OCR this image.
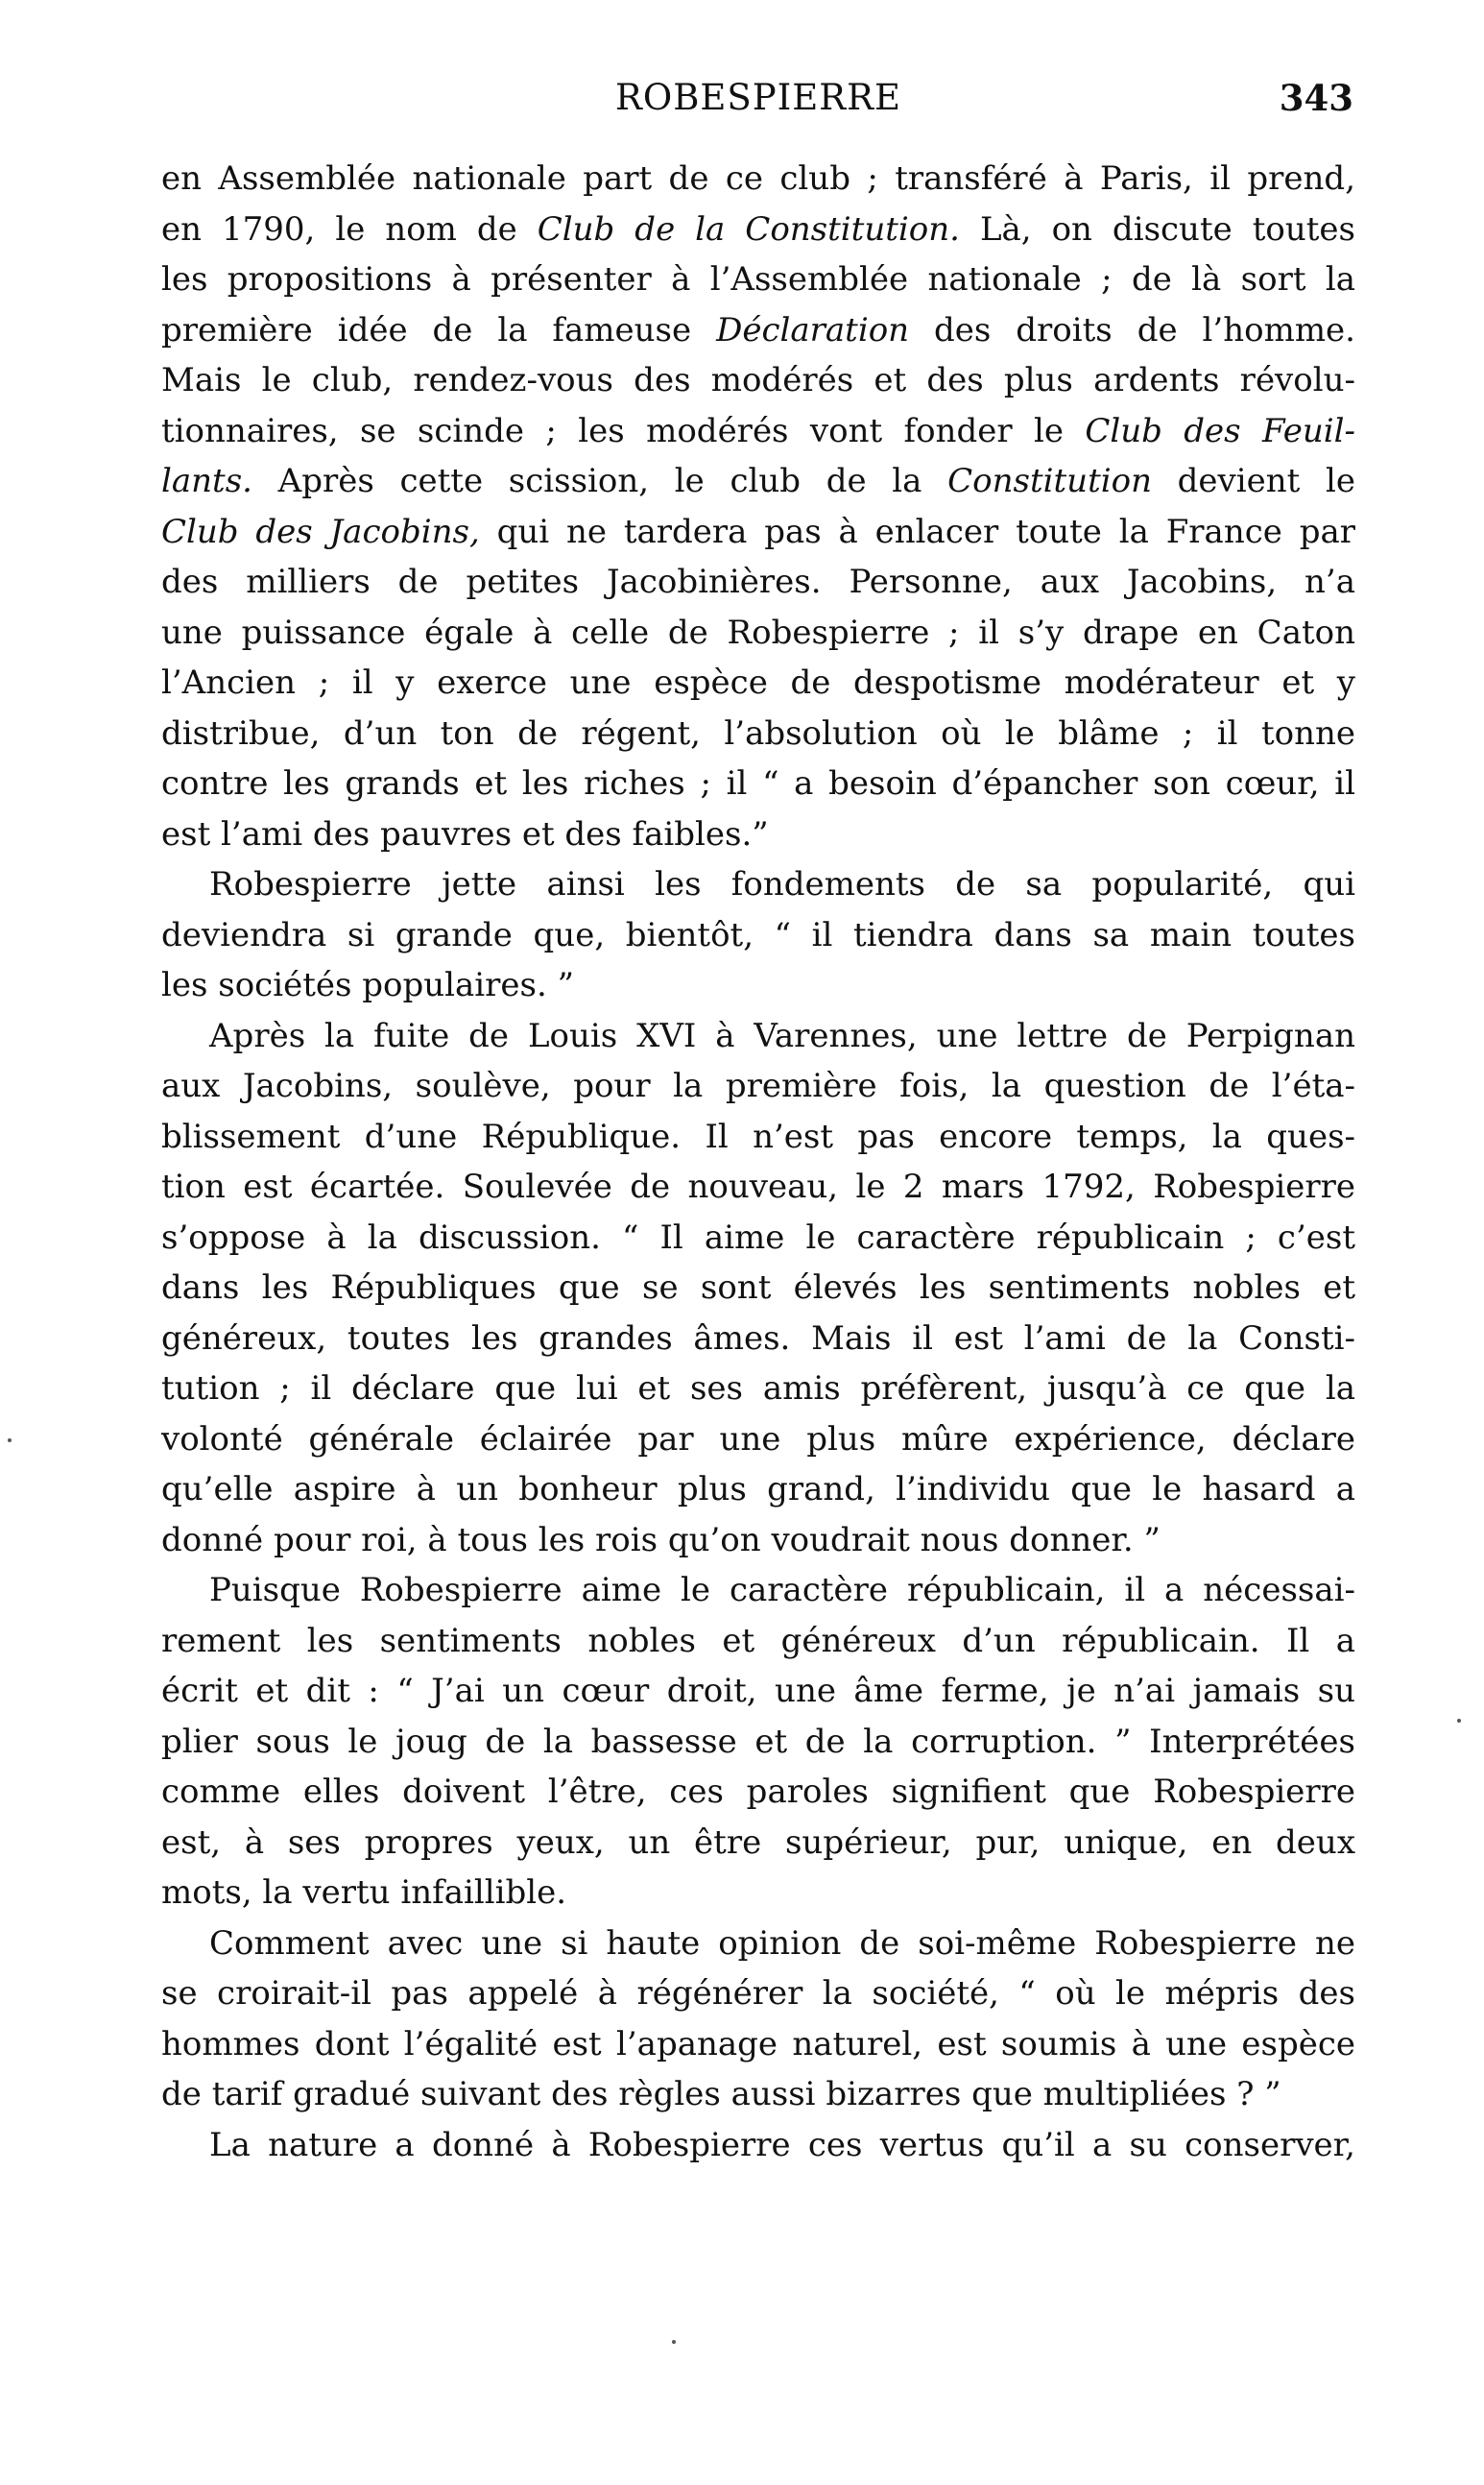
ROBESPIERRE	343

en Assemblée nationale part de ce club ; transféré à Paris, il prend,
en 1790, le nom de Club de la Constitution. Là, on discute toutes
les propositions à présenter à l’Assemblée nationale ; de là sort la
première idée de la fameuse Déclaration des droits de l’homme.
Mais le club, rendez-vous des modérés et des plus ardents révolu-
tionnaires, se scinde ; les modérés vont fonder le Club des Feuil-
lants. Après cette scission, le club de la Constitution devient le
Club des Jacobins, qui ne tardera pas à enlacer toute la France par
des milliers de petites Jacobinières. Personne, aux Jacobins, n’a
une puissance égale à celle de Robespierre ; il s’y drape en Caton
l’Ancien ; il y exerce une espèce de despotisme modérateur et y
distribue, d’un ton de régent, l’absolution où le blâme ; il tonne
contre les grands et les riches ; il “ a besoin d’épancher son cœur, il
est l’ami des pauvres et des faibles.”

Robespierre jette ainsi les fondements de sa popularité, qui
deviendra si grande que, bientôt, “ il tiendra dans sa main toutes
les sociétés populaires. ”

Après la fuite de Louis XVI à Varennes, une lettre de Perpignan
aux Jacobins, soulève, pour la première fois, la question de l’éta-
blissement d’une République. Il n’est pas encore temps, la ques-
tion est écartée. Soulevée de nouveau, le 2 mars 1792, Robespierre
s’oppose à la discussion. “ Il aime le caractère républicain ; c’est
dans les Républiques que se sont élevés les sentiments nobles et
généreux, toutes les grandes âmes. Mais il est l’ami de la Consti-
tution ; il déclare que lui et ses amis préfèrent, jusqu’à ce que la
volonté générale éclairée par une plus mûre expérience, déclare
qu’elle aspire à un bonheur plus grand, l’individu que le hasard a
donné pour roi, à tous les rois qu’on voudrait nous donner. ”

Puisque Robespierre aime le caractère républicain, il a nécessai-
rement les sentiments nobles et généreux d’un républicain. Il a
écrit et dit : “ J’ai un cœur droit, une âme ferme, je n’ai jamais su
plier sous le joug de la bassesse et de la corruption. ” Interprétées
comme elles doivent l’être, ces paroles signifient que Robespierre
est, à ses propres yeux, un être supérieur, pur, unique, en deux
mots, la vertu infaillible.

Comment avec une si haute opinion de soi-même Robespierre ne
se croirait-il pas appelé à régénérer la société, “ où le mépris des
hommes dont l’égalité est l’apanage naturel, est soumis à une espèce
de tarif gradué suivant des règles aussi bizarres que multipliées ? ”

La nature a donné à Robespierre ces vertus qu’il a su conserver,
